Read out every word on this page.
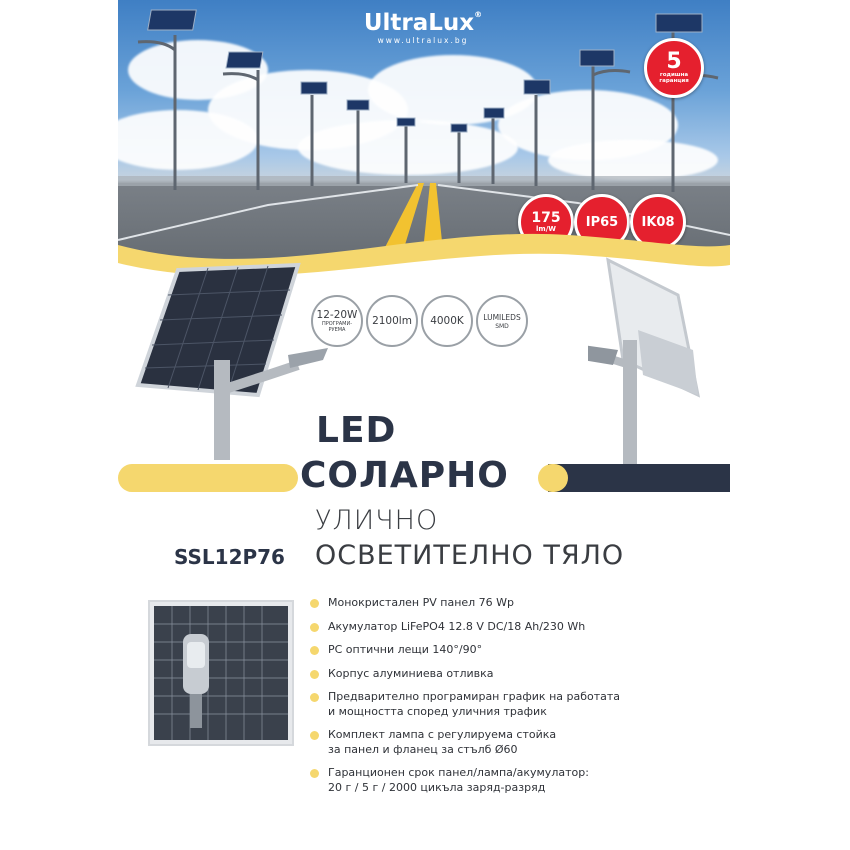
UltraLux®
www.ultralux.bg
5
годишна
гаранция
175
lm/W	IP65	IK08
12-20W
ПРОГРАМИ-
РУЕМА
2100lm 4000K	LUMILEDS
SMD
LED
СОЛАРНО
УЛИЧНО
ОСВЕТИТЕЛНО ТЯЛО
SSL12P76
Монокристален PV панел 76 Wp
Акумулатор LiFePO4 12.8 V DC/18 Ah/230 Wh
PC оптични лещи 140°/90°
Корпус алуминиева отливка
Предварително програмиран график на работата
и мощността според уличния трафик
Комплект лампа с регулируема стойка
за панел и фланец за стълб Ø60
Гаранционен срок панел/лампа/акумулатор:
20 г / 5 г / 2000 цикъла заряд-разряд
